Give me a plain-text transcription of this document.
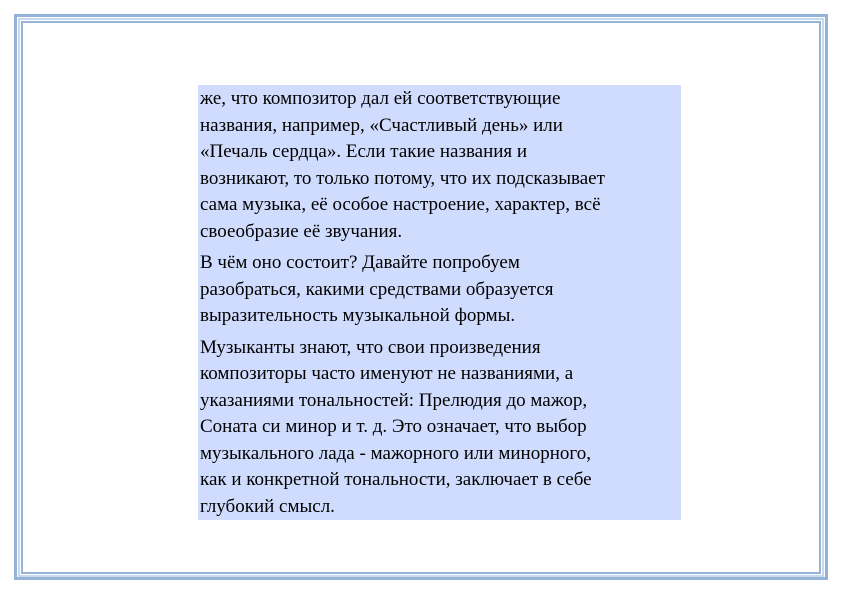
же, что композитор дал ей соответствующие
названия, например, «Счастливый день» или
«Печаль сердца». Если такие названия и
возникают, то только потому, что их подсказывает
сама музыка, её особое настроение, характер, всё
своеобразие её звучания.

В чём оно состоит? Давайте попробуем
разобраться, какими средствами образуется
выразительность музыкальной формы.

Музыканты знают, что свои произведения
композиторы часто именуют не названиями, а
указаниями тональностей: Прелюдия до мажор,
Соната си минор и т. д. Это означает, что выбор
музыкального лада - мажорного или минорного,
как и конкретной тональности, заключает в себе
глубокий смысл.
